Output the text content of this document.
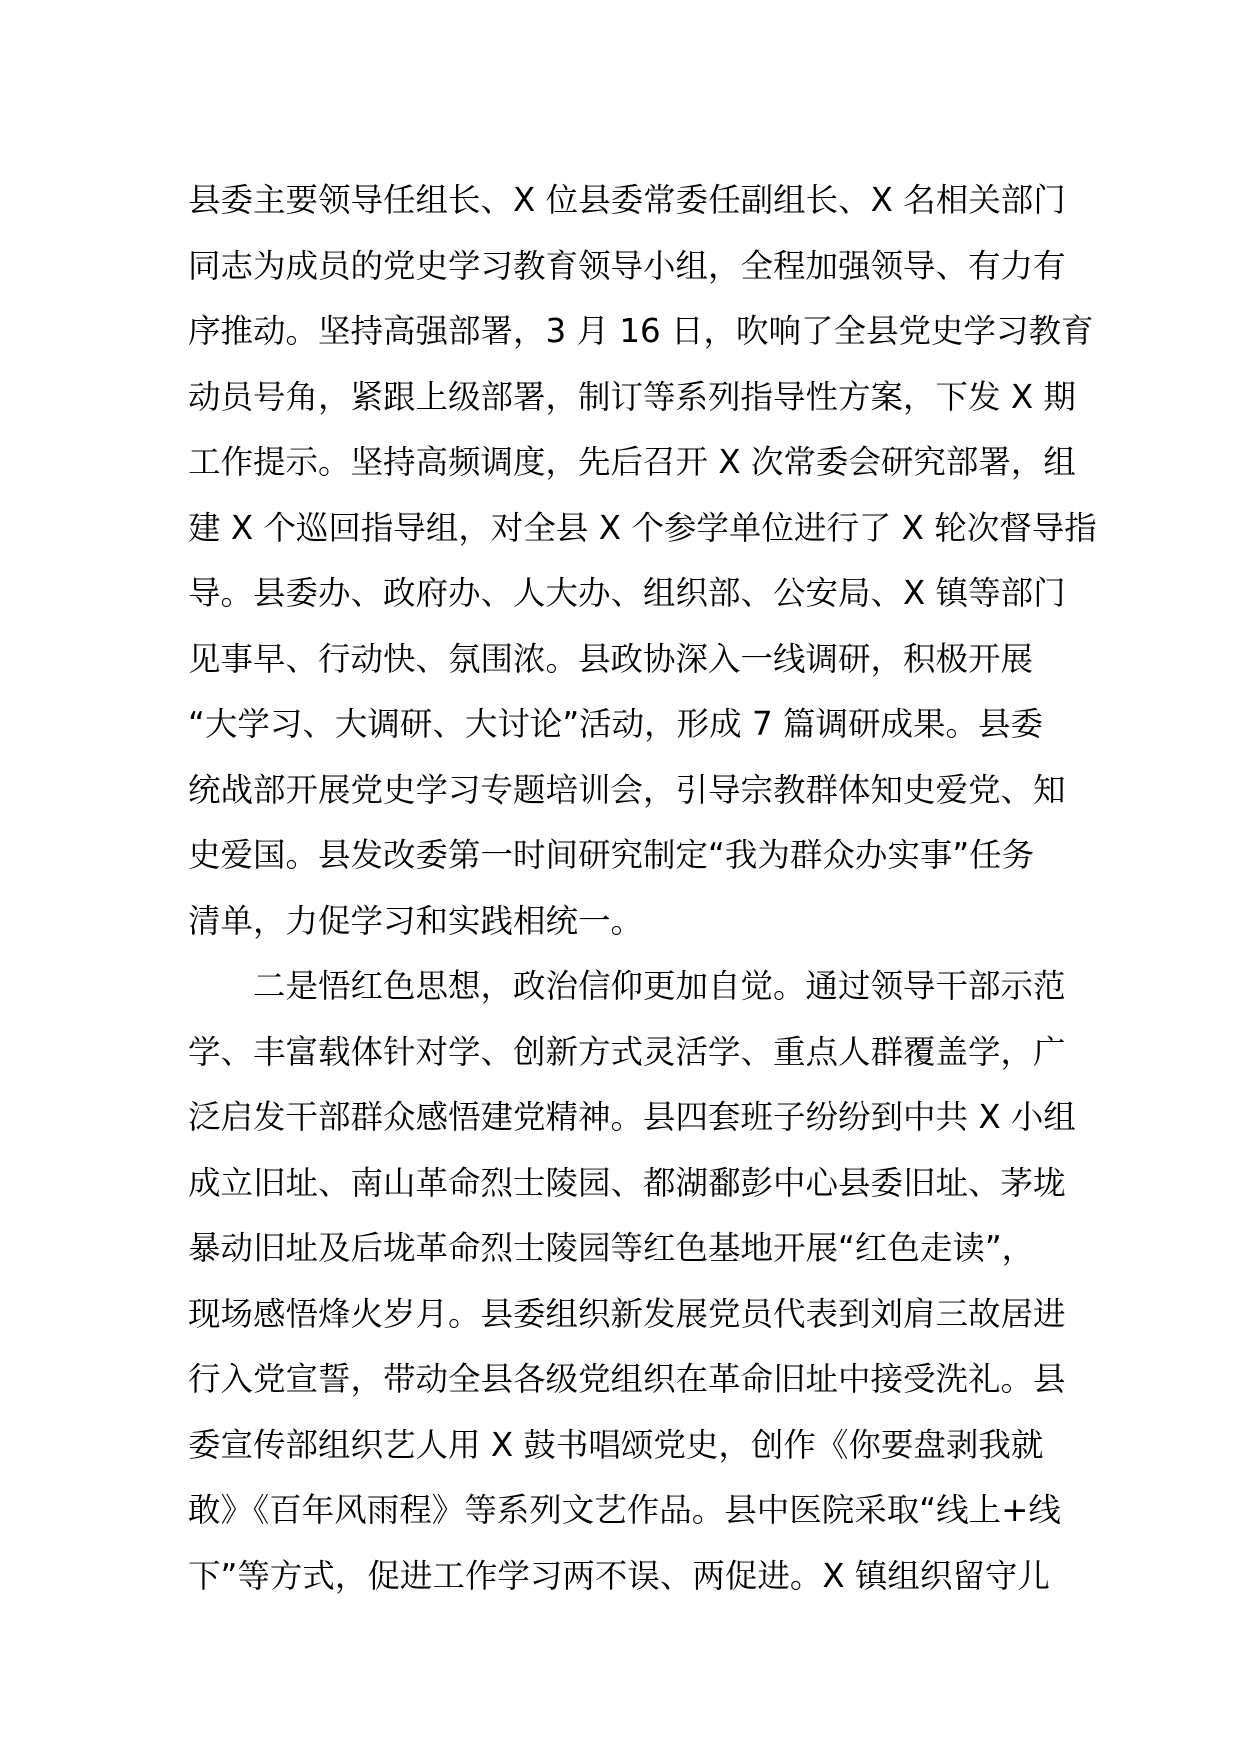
县委主要领导任组长、X 位县委常委任副组长、X 名相关部门
同志为成员的党史学习教育领导小组，全程加强领导、有力有
序推动。坚持高强部署，3 月 16 日，吹响了全县党史学习教育
动员号角，紧跟上级部署，制订等系列指导性方案，下发 X 期
工作提示。坚持高频调度，先后召开 X 次常委会研究部署，组
建 X 个巡回指导组，对全县 X 个参学单位进行了 X 轮次督导指
导。县委办、政府办、人大办、组织部、公安局、X 镇等部门
见事早、行动快、氛围浓。县政协深入一线调研，积极开展
“大学习、大调研、大讨论”活动，形成 7 篇调研成果。县委
统战部开展党史学习专题培训会，引导宗教群体知史爱党、知
史爱国。县发改委第一时间研究制定“我为群众办实事”任务
清单，力促学习和实践相统一。
二是悟红色思想，政治信仰更加自觉。通过领导干部示范
学、丰富载体针对学、创新方式灵活学、重点人群覆盖学，广
泛启发干部群众感悟建党精神。县四套班子纷纷到中共 X 小组
成立旧址、南山革命烈士陵园、都湖鄱彭中心县委旧址、茅垅
暴动旧址及后垅革命烈士陵园等红色基地开展“红色走读”，
现场感悟烽火岁月。县委组织新发展党员代表到刘肩三故居进
行入党宣誓，带动全县各级党组织在革命旧址中接受洗礼。县
委宣传部组织艺人用 X 鼓书唱颂党史，创作《你要盘剥我就
敢》《百年风雨程》等系列文艺作品。县中医院采取“线上+线
下”等方式，促进工作学习两不误、两促进。X 镇组织留守儿
